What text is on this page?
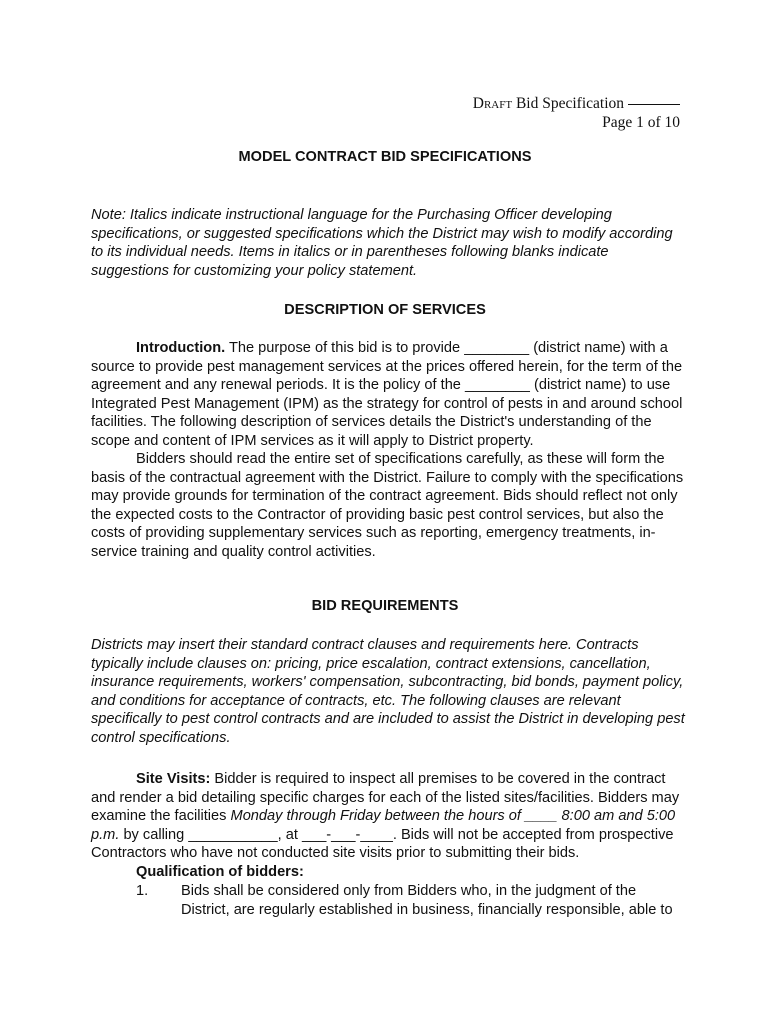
Draft Bid Specification
Page 1 of 10
MODEL CONTRACT BID SPECIFICATIONS
Note: Italics indicate instructional language for the Purchasing Officer developing specifications, or suggested specifications which the District may wish to modify according to its individual needs. Items in italics or in parentheses following blanks indicate suggestions for customizing your policy statement.
DESCRIPTION OF SERVICES
Introduction. The purpose of this bid is to provide ________ (district name) with a source to provide pest management services at the prices offered herein, for the term of the agreement and any renewal periods. It is the policy of the ________ (district name) to use Integrated Pest Management (IPM) as the strategy for control of pests in and around school facilities. The following description of services details the District's understanding of the scope and content of IPM services as it will apply to District property.
Bidders should read the entire set of specifications carefully, as these will form the basis of the contractual agreement with the District. Failure to comply with the specifications may provide grounds for termination of the contract agreement. Bids should reflect not only the expected costs to the Contractor of providing basic pest control services, but also the costs of providing supplementary services such as reporting, emergency treatments, in-service training and quality control activities.
BID REQUIREMENTS
Districts may insert their standard contract clauses and requirements here. Contracts typically include clauses on: pricing, price escalation, contract extensions, cancellation, insurance requirements, workers' compensation, subcontracting, bid bonds, payment policy, and conditions for acceptance of contracts, etc. The following clauses are relevant specifically to pest control contracts and are included to assist the District in developing pest control specifications.
Site Visits: Bidder is required to inspect all premises to be covered in the contract and render a bid detailing specific charges for each of the listed sites/facilities. Bidders may examine the facilities Monday through Friday between the hours of ____ 8:00 am and 5:00 p.m. by calling ___________, at ___-___-____. Bids will not be accepted from prospective Contractors who have not conducted site visits prior to submitting their bids.
Qualification of bidders:
1.	Bids shall be considered only from Bidders who, in the judgment of the District, are regularly established in business, financially responsible, able to
